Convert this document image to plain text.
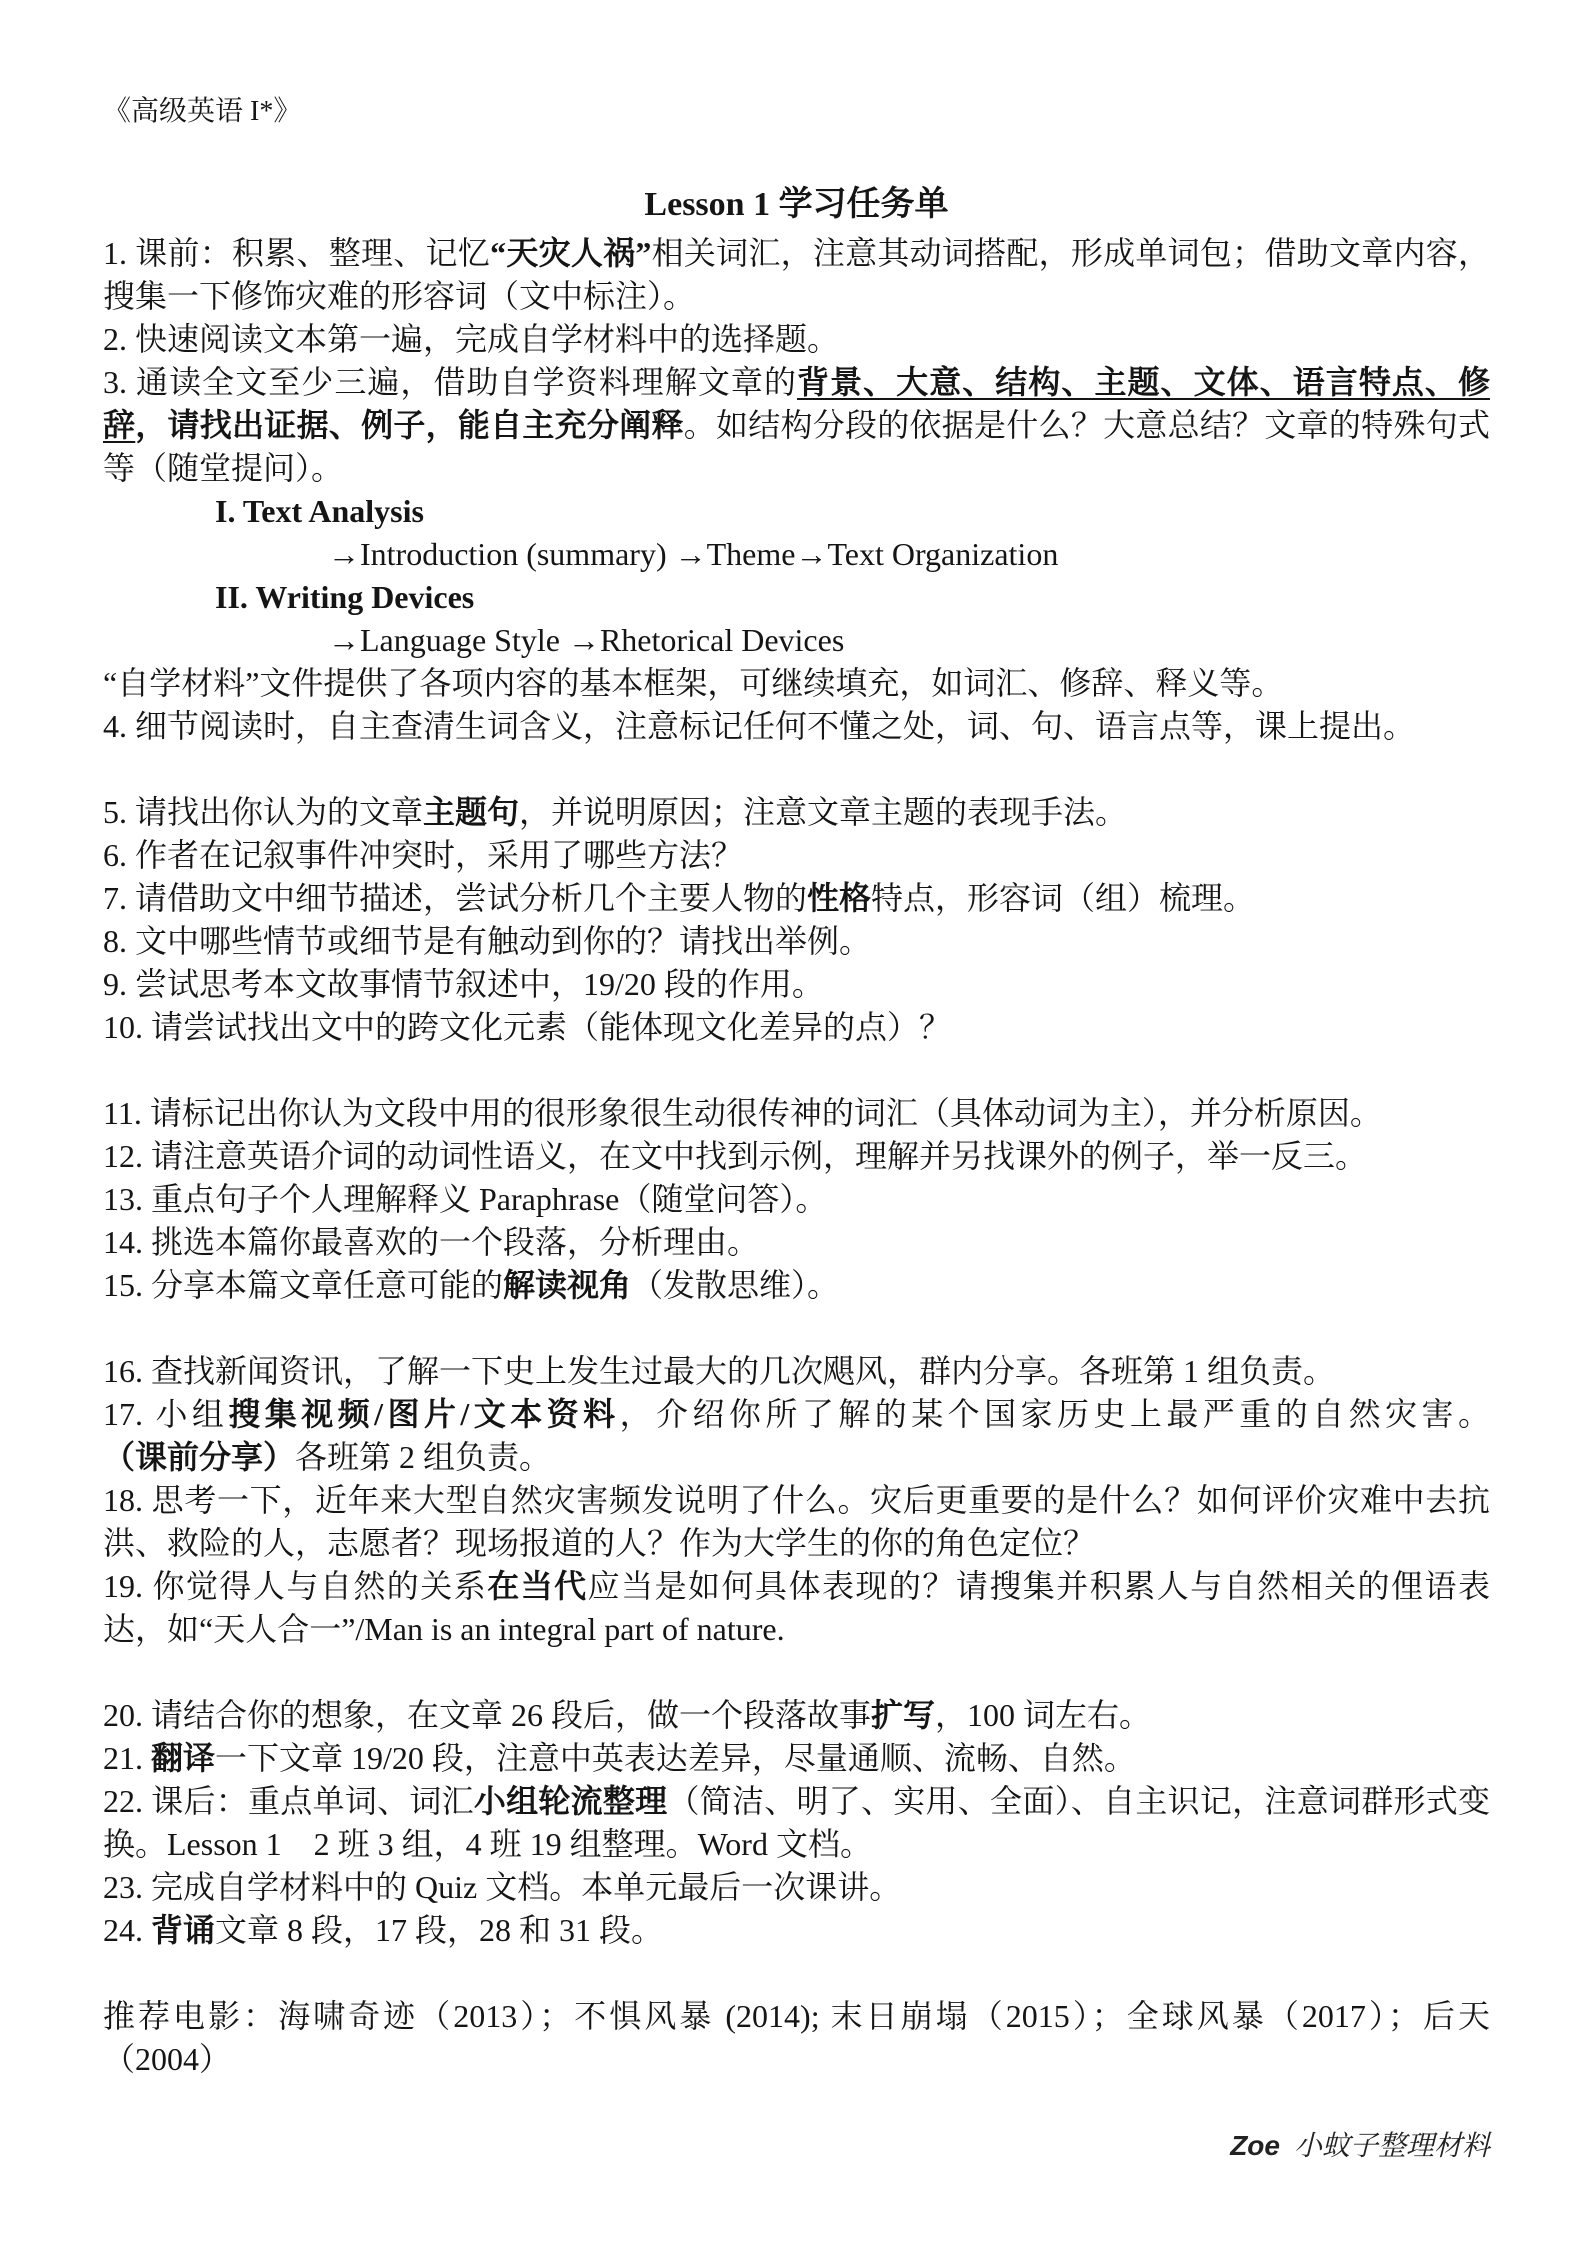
《高级英语 I*》

Lesson 1 学习任务单

1. 课前：积累、整理、记忆“天灾人祸”相关词汇，注意其动词搭配，形成单词包；借助文章内容，搜集一下修饰灾难的形容词（文中标注）。

2. 快速阅读文本第一遍，完成自学材料中的选择题。

3. 通读全文至少三遍，借助自学资料理解文章的背景、大意、结构、主题、文体、语言特点、修辞，请找出证据、例子，能自主充分阐释。如结构分段的依据是什么？大意总结？文章的特殊句式等（随堂提问）。

I. Text Analysis

→Introduction (summary) →Theme→Text Organization

II. Writing Devices

→Language Style →Rhetorical Devices

“自学材料”文件提供了各项内容的基本框架，可继续填充，如词汇、修辞、释义等。

4. 细节阅读时，自主查清生词含义，注意标记任何不懂之处，词、句、语言点等，课上提出。

5. 请找出你认为的文章主题句，并说明原因；注意文章主题的表现手法。

6. 作者在记叙事件冲突时，采用了哪些方法？

7. 请借助文中细节描述，尝试分析几个主要人物的性格特点，形容词（组）梳理。

8. 文中哪些情节或细节是有触动到你的？请找出举例。

9. 尝试思考本文故事情节叙述中，19/20 段的作用。

10. 请尝试找出文中的跨文化元素（能体现文化差异的点）？

11. 请标记出你认为文段中用的很形象很生动很传神的词汇（具体动词为主），并分析原因。

12. 请注意英语介词的动词性语义，在文中找到示例，理解并另找课外的例子，举一反三。

13. 重点句子个人理解释义 Paraphrase（随堂问答）。

14. 挑选本篇你最喜欢的一个段落，分析理由。

15. 分享本篇文章任意可能的解读视角（发散思维）。

16. 查找新闻资讯，了解一下史上发生过最大的几次飓风，群内分享。各班第 1 组负责。

17. 小组搜集视频/图片/文本资料，介绍你所了解的某个国家历史上最严重的自然灾害。（课前分享）各班第 2 组负责。

18. 思考一下，近年来大型自然灾害频发说明了什么。灾后更重要的是什么？如何评价灾难中去抗洪、救险的人，志愿者？现场报道的人？作为大学生的你的角色定位？

19. 你觉得人与自然的关系在当代应当是如何具体表现的？请搜集并积累人与自然相关的俚语表达，如“天人合一”/Man is an integral part of nature.

20. 请结合你的想象，在文章 26 段后，做一个段落故事扩写，100 词左右。

21. 翻译一下文章 19/20 段，注意中英表达差异，尽量通顺、流畅、自然。

22. 课后：重点单词、词汇小组轮流整理（简洁、明了、实用、全面）、自主识记，注意词群形式变换。Lesson 1　2 班 3 组，4 班 19 组整理。Word 文档。

23. 完成自学材料中的 Quiz 文档。本单元最后一次课讲。

24. 背诵文章 8 段，17 段，28 和 31 段。

推荐电影：海啸奇迹（2013）；不惧风暴 (2014); 末日崩塌（2015）；全球风暴（2017）；后天（2004）

Zoe 小蚊子整理材料
